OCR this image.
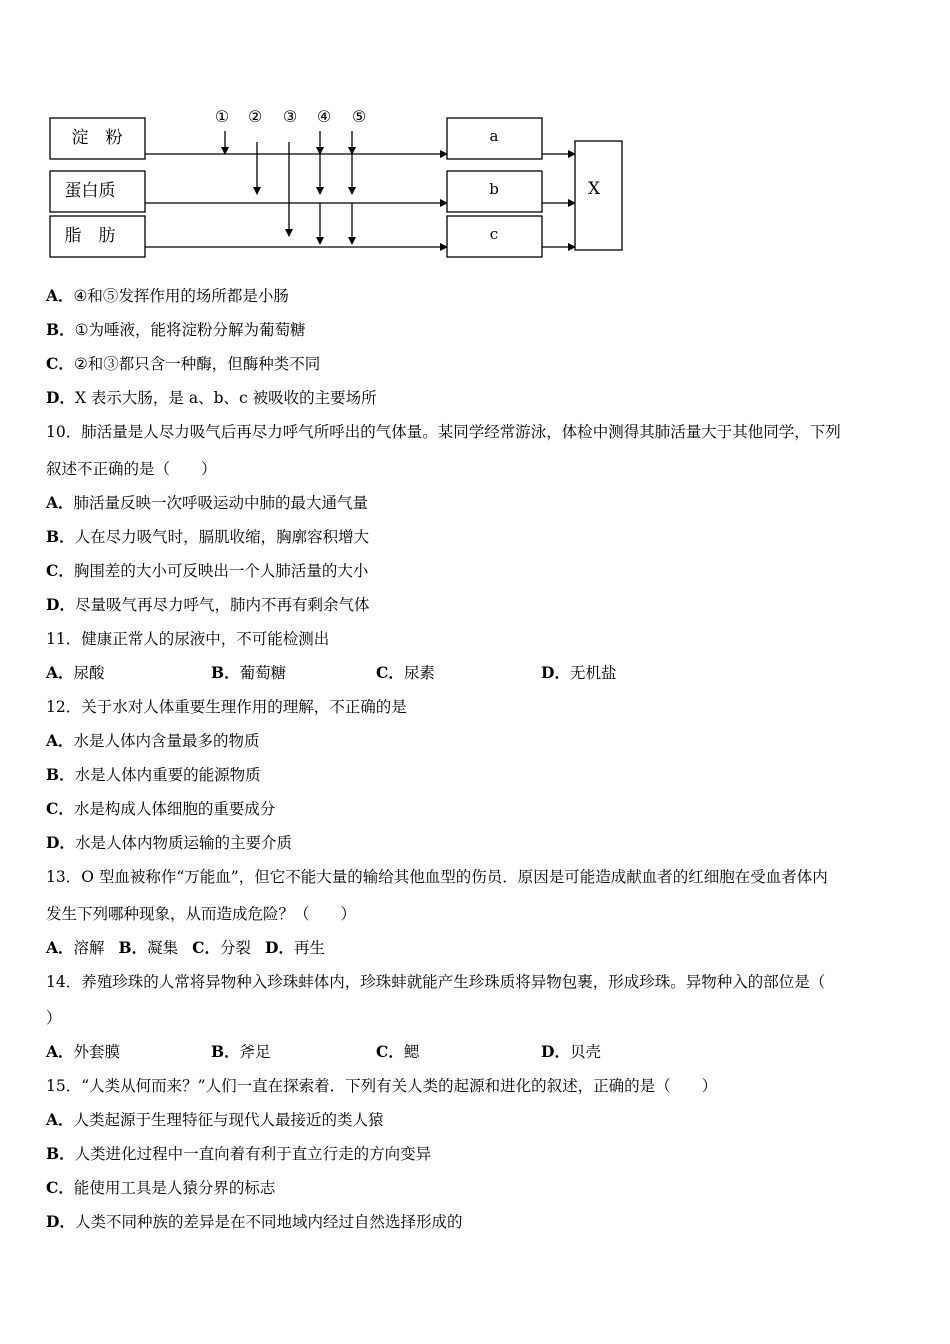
淀　粉
蛋白质
脂　肪
a
b
c
X
① ② ③ ④ ⑤
A．④和⑤发挥作用的场所都是小肠
B．①为唾液，能将淀粉分解为葡萄糖
C．②和③都只含一种酶，但酶种类不同
D．X 表示大肠，是 a、b、c 被吸收的主要场所
10．肺活量是人尽力吸气后再尽力呼气所呼出的气体量。某同学经常游泳，体检中测得其肺活量大于其他同学，下列
叙述不正确的是（　　）
A．肺活量反映一次呼吸运动中肺的最大通气量
B．人在尽力吸气时，膈肌收缩，胸廓容积增大
C．胸围差的大小可反映出一个人肺活量的大小
D．尽量吸气再尽力呼气，肺内不再有剩余气体
11．健康正常人的尿液中，不可能检测出
A．尿酸	B．葡萄糖	C．尿素	D．无机盐
12．关于水对人体重要生理作用的理解，不正确的是
A．水是人体内含量最多的物质
B．水是人体内重要的能源物质
C．水是构成人体细胞的重要成分
D．水是人体内物质运输的主要介质
13．O 型血被称作“万能血”，但它不能大量的输给其他血型的伤员．原因是可能造成献血者的红细胞在受血者体内
发生下列哪种现象，从而造成危险？（　　）
A．溶解 B．凝集 C．分裂 D．再生
14．养殖珍珠的人常将异物种入珍珠蚌体内，珍珠蚌就能产生珍珠质将异物包裹，形成珍珠。异物种入的部位是（
）
A．外套膜	B．斧足	C．鳃	D．贝壳
15．“人类从何而来？”人们一直在探索着．下列有关人类的起源和进化的叙述，正确的是（　　）
A．人类起源于生理特征与现代人最接近的类人猿
B．人类进化过程中一直向着有利于直立行走的方向变异
C．能使用工具是人猿分界的标志
D．人类不同种族的差异是在不同地域内经过自然选择形成的
